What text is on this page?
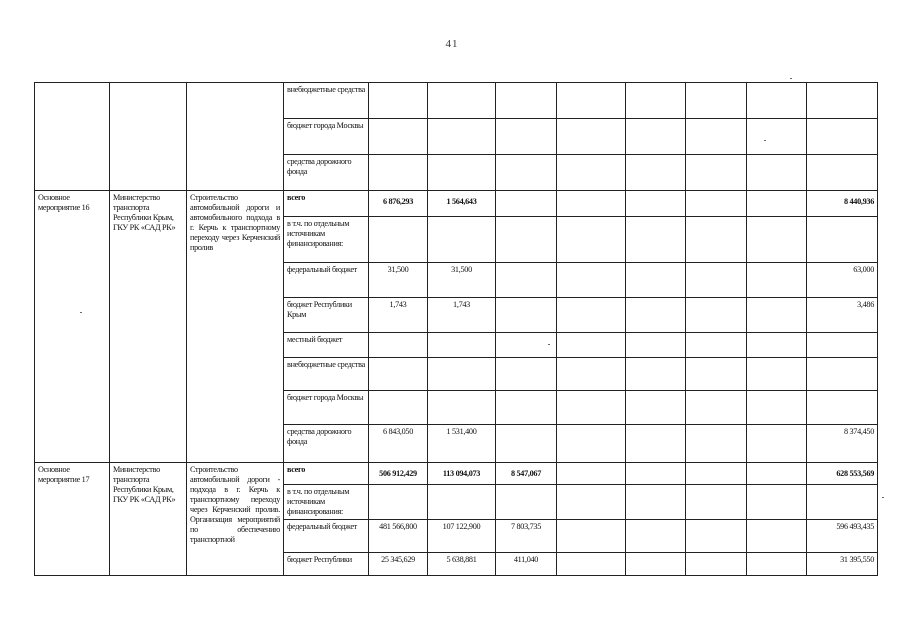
41
			внебюджетные средства								
			бюджет города Москвы								
			средства дорожного фонда								
Основное мероприятие 16	Министерство транспорта Республики Крым, ГКУ РК «САД РК»	Строительство автомобильной дороги и автомобильного подхода в г. Керчь к транспортному переходу через Керченский пролив	всего	6 876,293	1 564,643						8 440,936
			в т.ч. по отдельным источникам финансирования:								
			федеральный бюджет	31,500	31,500						63,000
			бюджет Республики Крым	1,743	1,743						3,486
			местный бюджет								
			внебюджетные средства								
			бюджет города Москвы								
			средства дорожного фонда	6 843,050	1 531,400						8 374,450
Основное мероприятие 17	Министерство транспорта Республики Крым, ГКУ РК «САД РК»	Строительство автомобильной дороги - подхода в г. Керчь к транспортному переходу через Керченский пролив. Организация мероприятий по обеспечению транспортной	всего	506 912,429	113 094,073	8 547,067					628 553,569
			в т.ч. по отдельным источникам финансирования:								
			федеральный бюджет	481 566,800	107 122,900	7 803,735					596 493,435
			бюджет Республики	25 345,629	5 638,881	411,040					31 395,550
